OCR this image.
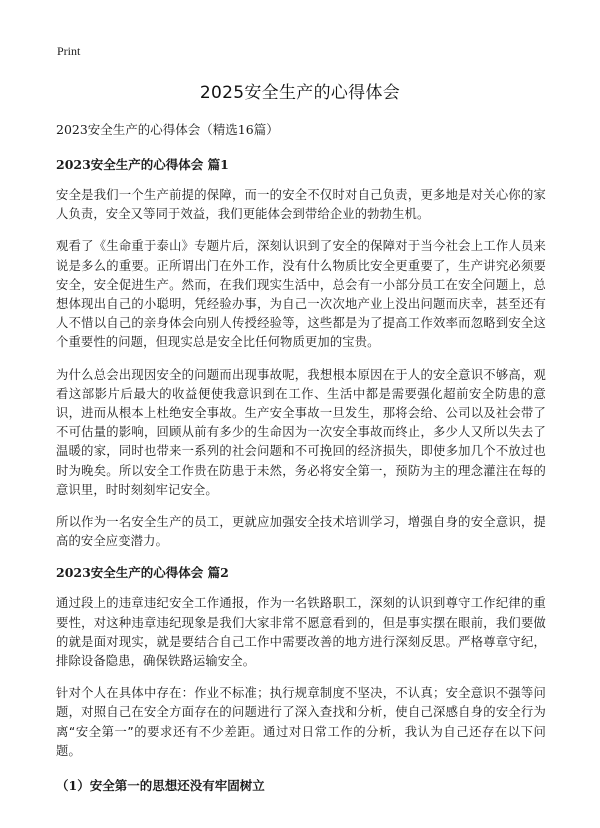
Print
2025安全生产的心得体会
2023安全生产的心得体会（精选16篇）
2023安全生产的心得体会 篇1

安全是我们一个生产前提的保障，而一的安全不仅时对自己负责，更多地是对关心你的家人负责，安全又等同于效益，我们更能体会到带给企业的勃勃生机。

观看了《生命重于泰山》专题片后，深刻认识到了安全的保障对于当今社会上工作人员来说是多么的重要。正所谓出门在外工作，没有什么物质比安全更重要了，生产讲究必须要安全，安全促进生产。然而，在我们现实生活中，总会有一小部分员工在安全问题上，总想体现出自己的小聪明，凭经验办事，为自己一次次地产业上没出问题而庆幸，甚至还有人不惜以自己的亲身体会向别人传授经验等，这些都是为了提高工作效率而忽略到安全这个重要性的问题，但现实总是安全比任何物质更加的宝贵。

为什么总会出现因安全的问题而出现事故呢，我想根本原因在于人的安全意识不够高，观看这部影片后最大的收益便使我意识到在工作、生活中都是需要强化超前安全防患的意识，进而从根本上杜绝安全事故。生产安全事故一旦发生，那将会给、公司以及社会带了不可估量的影响，回顾从前有多少的生命因为一次安全事故而终止，多少人又所以失去了温暖的家，同时也带来一系列的社会问题和不可挽回的经济损失，即使多加几个不放过也时为晚矣。所以安全工作贵在防患于未然，务必将安全第一，预防为主的理念灌注在每的意识里，时时刻刻牢记安全。

所以作为一名安全生产的员工，更就应加强安全技术培训学习，增强自身的安全意识，提高的安全应变潜力。

2023安全生产的心得体会 篇2

通过段上的违章违纪安全工作通报，作为一名铁路职工，深刻的认识到尊守工作纪律的重要性，对这种违章违纪现象是我们大家非常不愿意看到的，但是事实摆在眼前，我们要做的就是面对现实，就是要结合自己工作中需要改善的地方进行深刻反思。严格尊章守纪，排除设备隐患，确保铁路运输安全。

针对个人在具体中存在：作业不标准；执行规章制度不坚决，不认真；安全意识不强等问题，对照自己在安全方面存在的问题进行了深入查找和分析，使自己深感自身的安全行为离“安全第一”的要求还有不少差距。通过对日常工作的分析，我认为自己还存在以下问题。

（1）安全第一的思想还没有牢固树立
